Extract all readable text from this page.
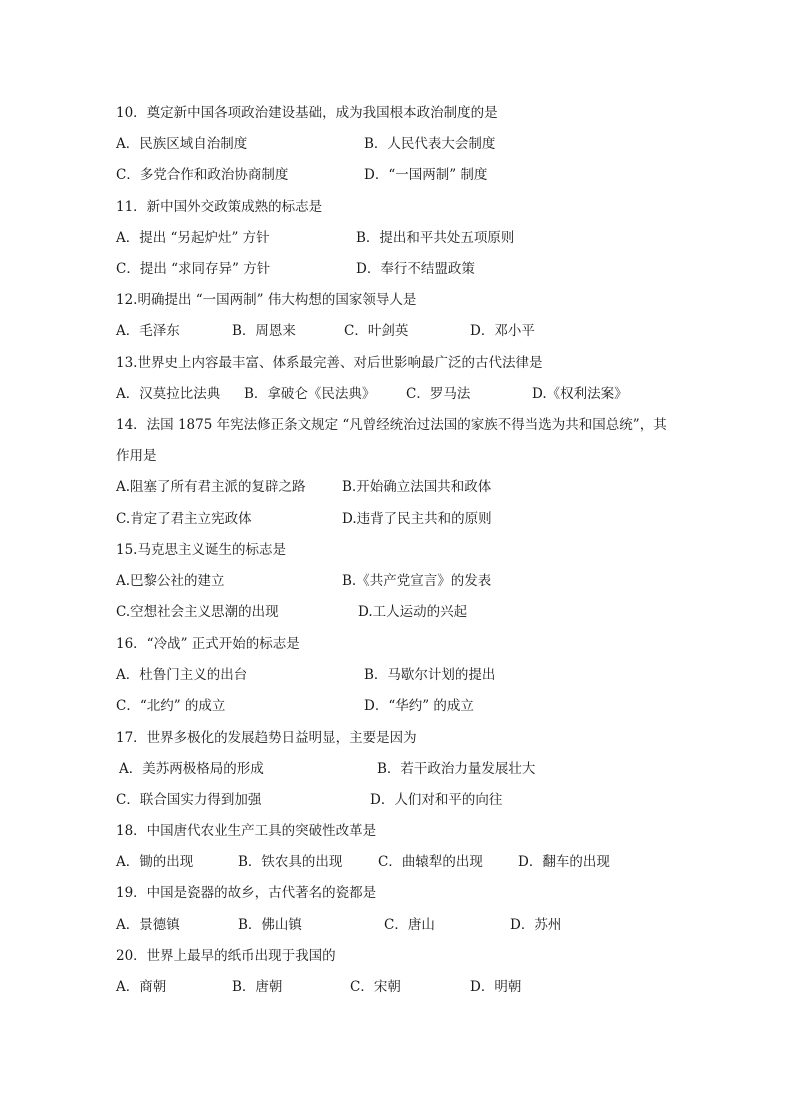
10．奠定新中国各项政治建设基础，成为我国根本政治制度的是
A．民族区域自治制度	B．人民代表大会制度
C．多党合作和政治协商制度	D．“一国两制” 制度
11．新中国外交政策成熟的标志是
A．提出 “另起炉灶” 方针	B．提出和平共处五项原则
C．提出 “求同存异” 方针	D．奉行不结盟政策
12.明确提出 “一国两制” 伟大构想的国家领导人是
A．毛泽东	B．周恩来	C．叶剑英	D．邓小平
13.世界史上内容最丰富、体系最完善、对后世影响最广泛的古代法律是
A．汉莫拉比法典 B．拿破仑《民法典》 C．罗马法	D.《权利法案》
14．法国 1875 年宪法修正条文规定 “凡曾经统治过法国的家族不得当选为共和国总统”，其
作用是
A.阻塞了所有君主派的复辟之路	B.开始确立法国共和政体
C.肯定了君主立宪政体	D.违背了民主共和的原则
15.马克思主义诞生的标志是
A.巴黎公社的建立	B.《共产党宣言》的发表
C.空想社会主义思潮的出现	D.工人运动的兴起
16．“冷战” 正式开始的标志是
A．杜鲁门主义的出台	B．马歇尔计划的提出
C．“北约” 的成立	D．“华约” 的成立
17．世界多极化的发展趋势日益明显，主要是因为
A．美苏两极格局的形成	B．若干政治力量发展壮大
C．联合国实力得到加强	D．人们对和平的向往
18．中国唐代农业生产工具的突破性改革是
A．锄的出现	B．铁农具的出现	C．曲辕犁的出现	D．翻车的出现
19．中国是瓷器的故乡，古代著名的瓷都是
A．景德镇	B．佛山镇	C．唐山	D．苏州
20．世界上最早的纸币出现于我国的
A．商朝	B．唐朝	C．宋朝	D．明朝
